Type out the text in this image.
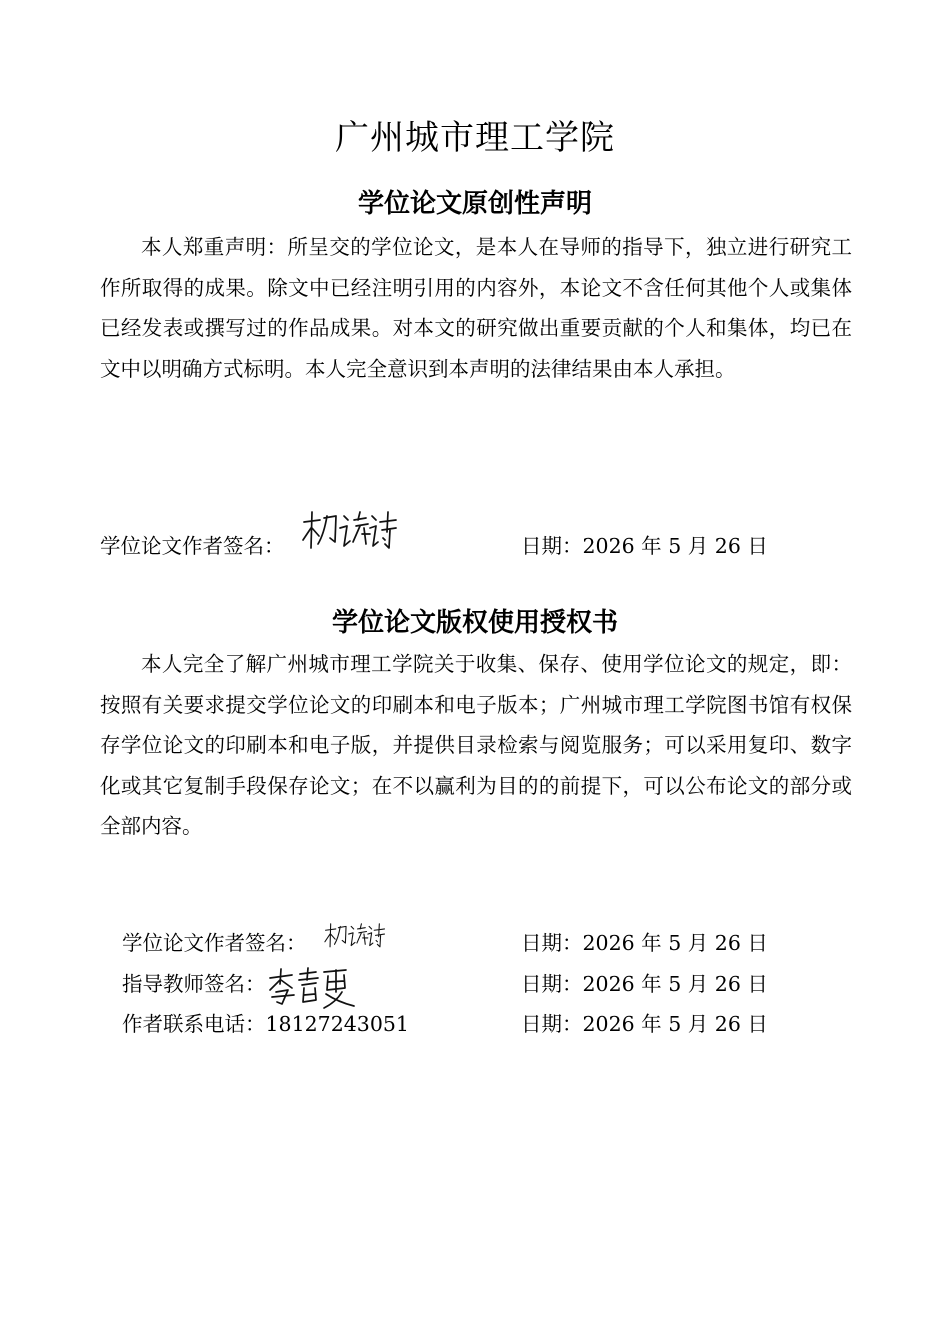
广州城市理工学院
学位论文原创性声明

本人郑重声明：所呈交的学位论文，是本人在导师的指导下，独立进行研究工作所取得的成果。除文中已经注明引用的内容外，本论文不含任何其他个人或集体已经发表或撰写过的作品成果。对本文的研究做出重要贡献的个人和集体，均已在文中以明确方式标明。本人完全意识到本声明的法律结果由本人承担。

学位论文作者签名：	日期：2026 年 5 月 26 日
学位论文版权使用授权书

本人完全了解广州城市理工学院关于收集、保存、使用学位论文的规定，即：按照有关要求提交学位论文的印刷本和电子版本；广州城市理工学院图书馆有权保存学位论文的印刷本和电子版，并提供目录检索与阅览服务；可以采用复印、数字化或其它复制手段保存论文；在不以赢利为目的的前提下，可以公布论文的部分或全部内容。

学位论文作者签名：	日期：2026 年 5 月 26 日
指导教师签名：	日期：2026 年 5 月 26 日
作者联系电话：18127243051	日期：2026 年 5 月 26 日
